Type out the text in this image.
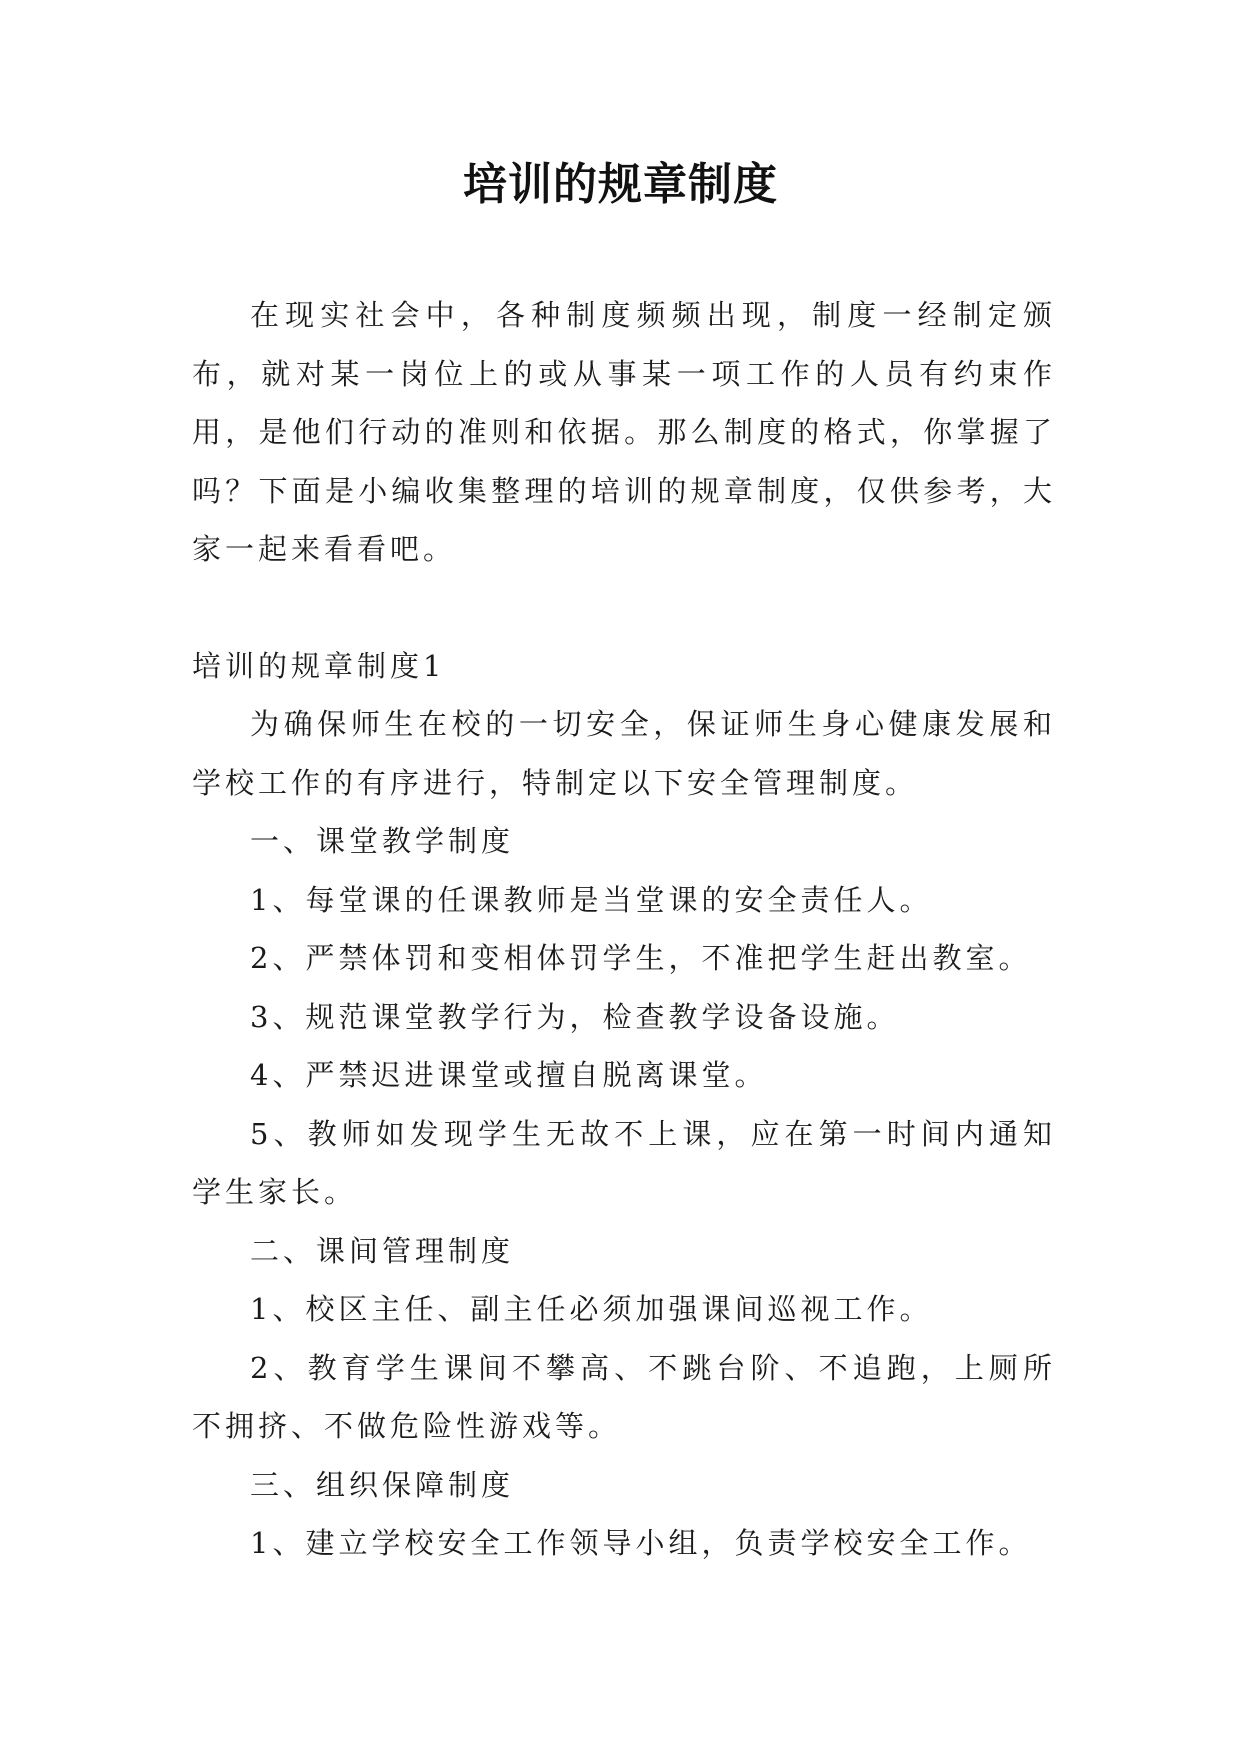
培训的规章制度

在现实社会中，各种制度频频出现，制度一经制定颁布，就对某一岗位上的或从事某一项工作的人员有约束作用，是他们行动的准则和依据。那么制度的格式，你掌握了吗？下面是小编收集整理的培训的规章制度，仅供参考，大家一起来看看吧。

培训的规章制度1

为确保师生在校的一切安全，保证师生身心健康发展和学校工作的有序进行，特制定以下安全管理制度。

一、课堂教学制度

1、每堂课的任课教师是当堂课的安全责任人。

2、严禁体罚和变相体罚学生，不准把学生赶出教室。

3、规范课堂教学行为，检查教学设备设施。

4、严禁迟进课堂或擅自脱离课堂。

5、教师如发现学生无故不上课，应在第一时间内通知学生家长。

二、课间管理制度

1、校区主任、副主任必须加强课间巡视工作。

2、教育学生课间不攀高、不跳台阶、不追跑，上厕所不拥挤、不做危险性游戏等。

三、组织保障制度

1、建立学校安全工作领导小组，负责学校安全工作。
